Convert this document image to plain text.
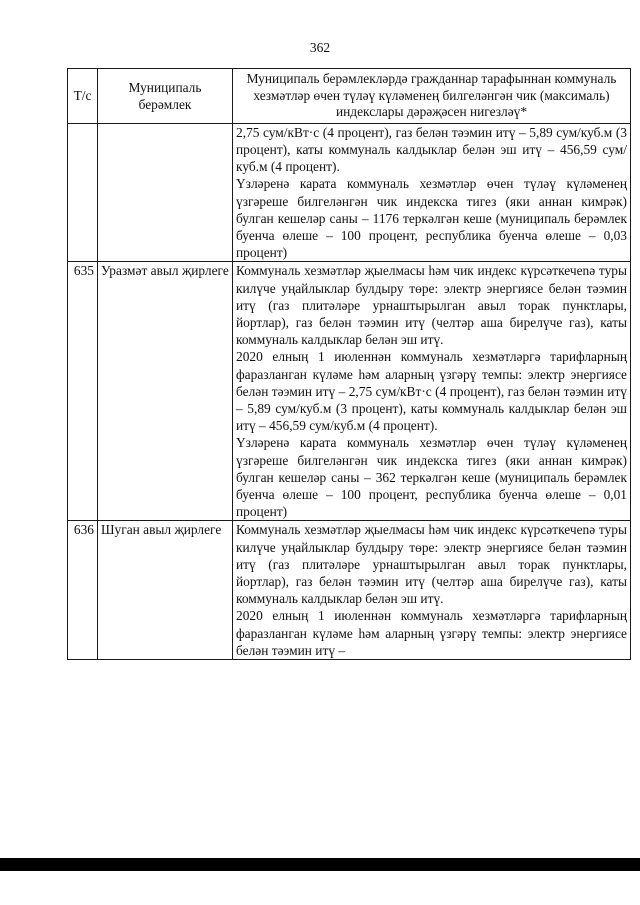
362
Т/с	Муниципаль берәмлек	Муниципаль берәмлекләрдә гражданнар тарафыннан коммуналь хезмәтләр өчен түләү күләменең билгеләнгән чик (максималь) индекслары дәрәҗәсен нигезләү*

		2,75 сум/кВт·с (4 процент), газ белән тәэмин итү – 5,89 сум/куб.м (3 процент), каты коммуналь калдыклар белән эш итү – 456,59 сум/куб.м (4 процент).

Үзләренә карата коммуналь хезмәтләр өчен түләү күләменең үзгәреше билгеләнгән чик индекска тигез (яки аннан кимрәк) булган кешеләр саны – 1176 теркәлгән кеше (муниципаль берәмлек буенча өлеше – 100 процент, республика буенча өлеше – 0,03 процент)

635	Уразмәт авыл җирлеге	Коммуналь хезмәтләр җыелмасы һәм чик индекс күрсәткечenә туры килүче уңайлыклар булдыру төре: электр энергиясе белән тәэмин итү (газ плитәләре урнаштырылган авыл торак пунктлары, йортлар), газ белән тәэмин итү (челтәр аша бирелүче газ), каты коммуналь калдыклар белән эш итү.

2020 елның 1 июленнән коммуналь хезмәтләргә тарифларның фаразланган күләме һәм аларның үзгәрү темпы: электр энергиясе белән тәэмин итү – 2,75 сум/кВт·с (4 процент), газ белән тәэмин итү – 5,89 сум/куб.м (3 процент), каты коммуналь калдыклар белән эш итү – 456,59 сум/куб.м (4 процент).

Үзләренә карата коммуналь хезмәтләр өчен түләү күләменең үзгәреше билгеләнгән чик индекска тигез (яки аннан кимрәк) булган кешеләр саны – 362 теркәлгән кеше (муниципаль берәмлек буенча өлеше – 100 процент, республика буенча өлеше – 0,01 процент)

636	Шуган авыл җирлеге	Коммуналь хезмәтләр җыелмасы һәм чик индекс күрсәткечenә туры килүче уңайлыклар булдыру төре: электр энергиясе белән тәэмин итү (газ плитәләре урнаштырылган авыл торак пунктлары, йортлар), газ белән тәэмин итү (челтәр аша бирелүче газ), каты коммуналь калдыклар белән эш итү.

2020 елның 1 июленнән коммуналь хезмәтләргә тарифларның фаразланган күләме һәм аларның үзгәрү темпы: электр энергиясе белән тәэмин итү –
